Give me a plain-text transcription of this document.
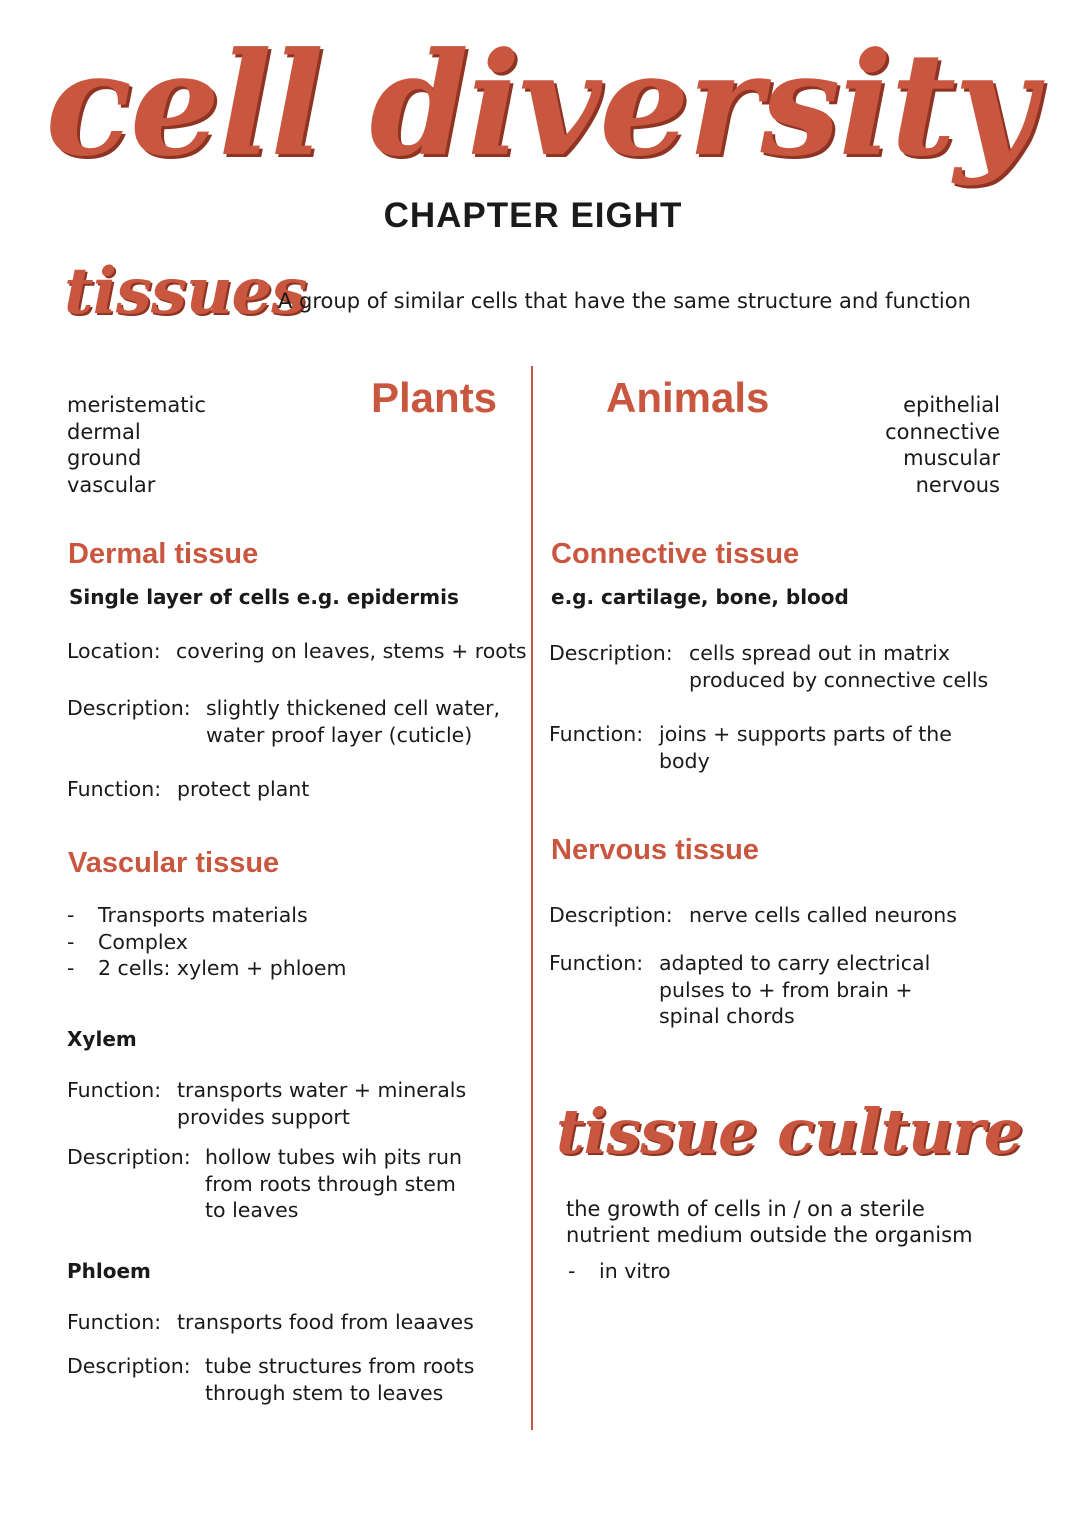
cell diversity
CHAPTER EIGHT
tissues
A group of similar cells that have the same structure and function
Plants
meristematic
dermal
ground
vascular
Dermal tissue
Single layer of cells e.g. epidermis
Location: covering on leaves, stems + roots
Description: slightly thickened cell water,
water proof layer (cuticle)
Function: protect plant
Vascular tissue
- Transports materials
- Complex
- 2 cells: xylem + phloem
Xylem
Function: transports water + minerals
provides support
Description: hollow tubes wih pits run
from roots through stem
to leaves
Phloem
Function: transports food from leaaves
Description: tube structures from roots
through stem to leaves
Animals	epithelial
connective
muscular
nervous
Connective tissue
e.g. cartilage, bone, blood
Description: cells spread out in matrix
produced by connective cells
Function: joins + supports parts of the
body
Nervous tissue
Description: nerve cells called neurons
Function: adapted to carry electrical
pulses to + from brain +
spinal chords
tissue culture
the growth of cells in / on a sterile
nutrient medium outside the organism
- in vitro
